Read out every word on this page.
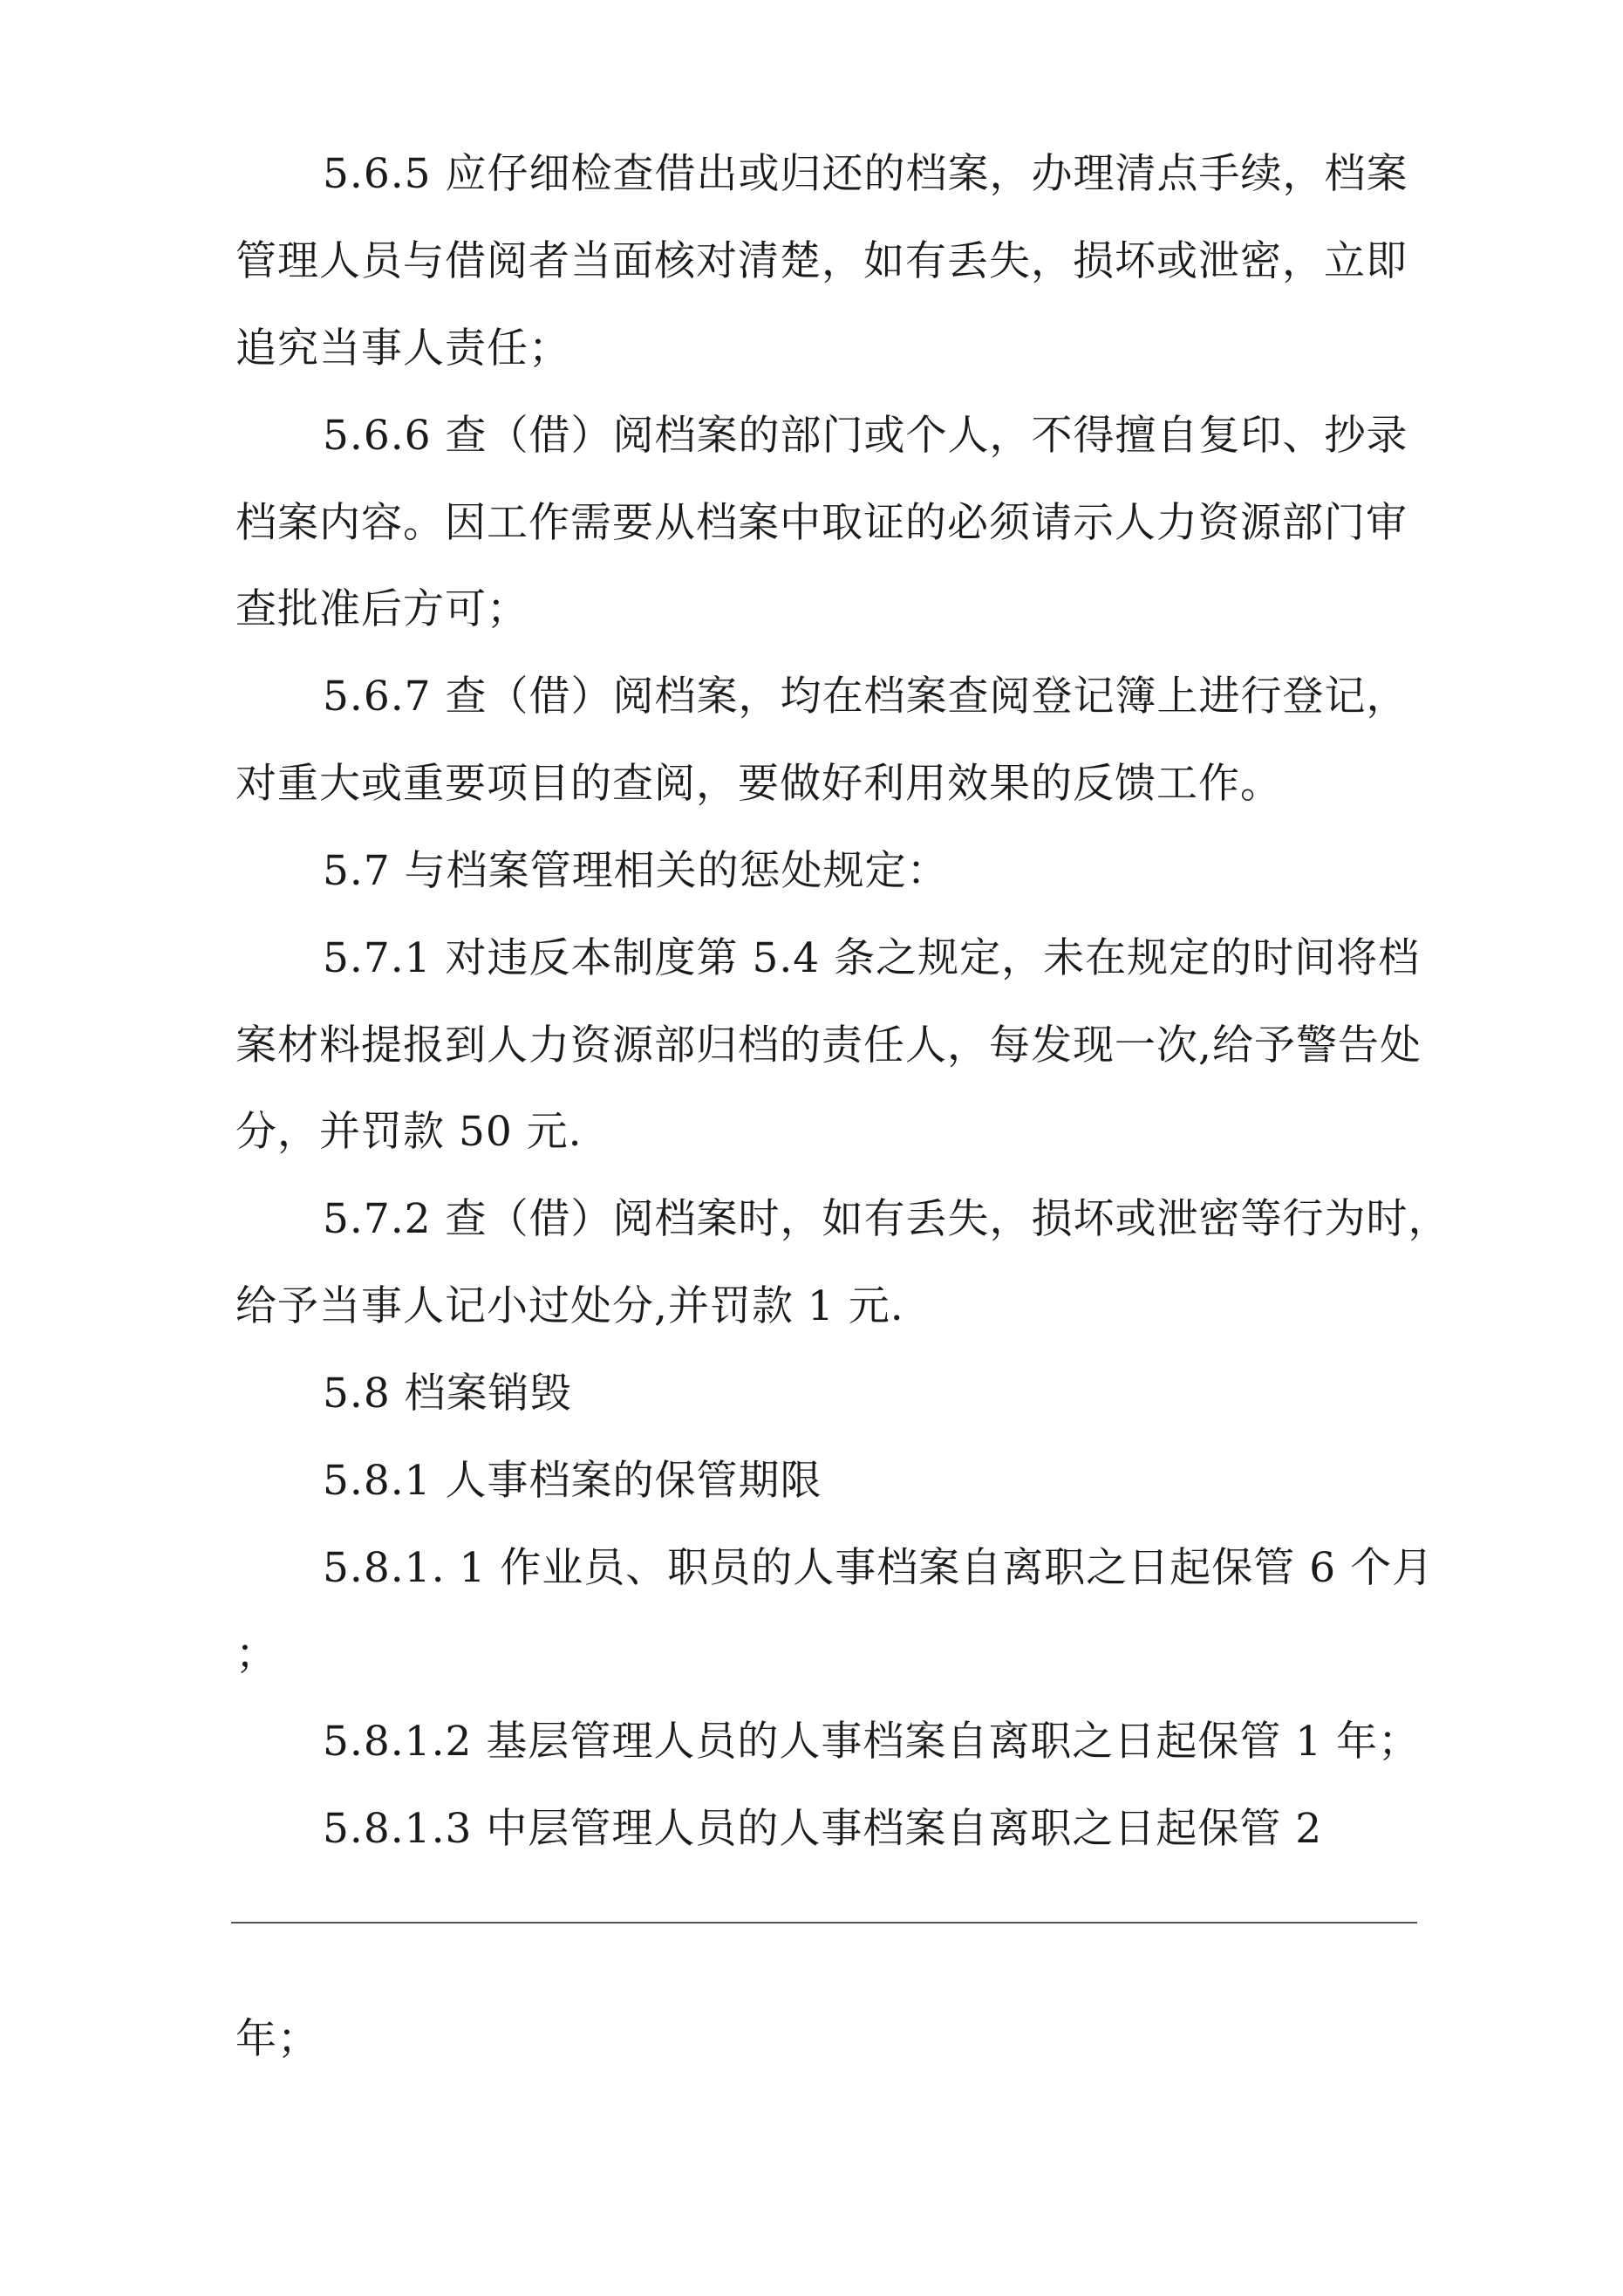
5.6.5 应仔细检查借出或归还的档案，办理清点手续，档案
管理人员与借阅者当面核对清楚，如有丢失，损坏或泄密，立即
追究当事人责任；
5.6.6 查（借）阅档案的部门或个人，不得擅自复印、抄录
档案内容。因工作需要从档案中取证的必须请示人力资源部门审
查批准后方可；
5.6.7 查（借）阅档案，均在档案查阅登记簿上进行登记，
对重大或重要项目的查阅，要做好利用效果的反馈工作。
5.7 与档案管理相关的惩处规定：
5.7.1 对违反本制度第 5.4 条之规定，未在规定的时间将档
案材料提报到人力资源部归档的责任人，每发现一次,给予警告处
分，并罚款 50 元.
5.7.2 查（借）阅档案时，如有丢失，损坏或泄密等行为时，
给予当事人记小过处分,并罚款 1 元.
5.8 档案销毁
5.8.1 人事档案的保管期限
5.8.1. 1 作业员、职员的人事档案自离职之日起保管 6 个月
；
5.8.1.2 基层管理人员的人事档案自离职之日起保管 1 年；
5.8.1.3 中层管理人员的人事档案自离职之日起保管 2
年；
